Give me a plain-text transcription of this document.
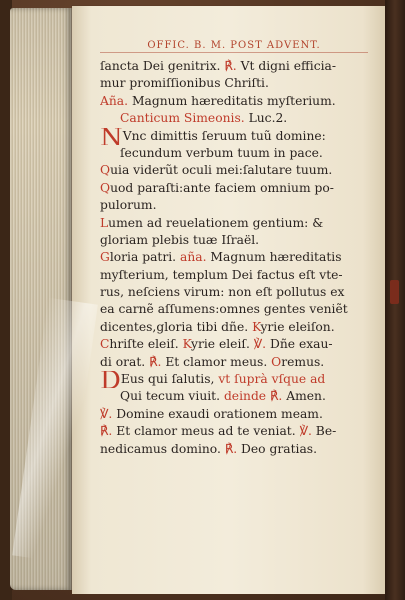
OFFIC. B. M. POST ADVENT.
ſancta Dei genitrix. ℟. Vt digni efficia-
mur promiſſionibus Chriſti.
Añа. Magnum hæreditatis myſterium.
Canticum Simeonis. Luc.2.
NVnc dimittis ſeruum tuũ domine:
ſecundum verbum tuum in pace.
Quia viderũt oculi mei:ſalutare tuum.
Quod paraſti:ante faciem omnium po-
pulorum.
Lumen ad reuelationem gentium: &
gloriam plebis tuæ Iſraël.
Gloria patri. aña. Magnum hæreditatis
myſterium, templum Dei factus eſt vte-
rus, neſciens virum: non eſt pollutus ex
ea carnẽ aſſumens:omnes gentes veniẽt
dicentes,gloria tibi dñe. Kyrie eleiſon.
Chriſte eleiſ. Kyrie eleiſ. ℣. Dñe exau-
di orat. ℟. Et clamor meus. Oremus.
DEus qui ſalutis, vt ſuprà vſque ad
Qui tecum viuit. deinde ℟. Amen.
℣. Domine exaudi orationem meam.
℟. Et clamor meus ad te veniat. ℣. Be-
nedicamus domino. ℟. Deo gratias.
